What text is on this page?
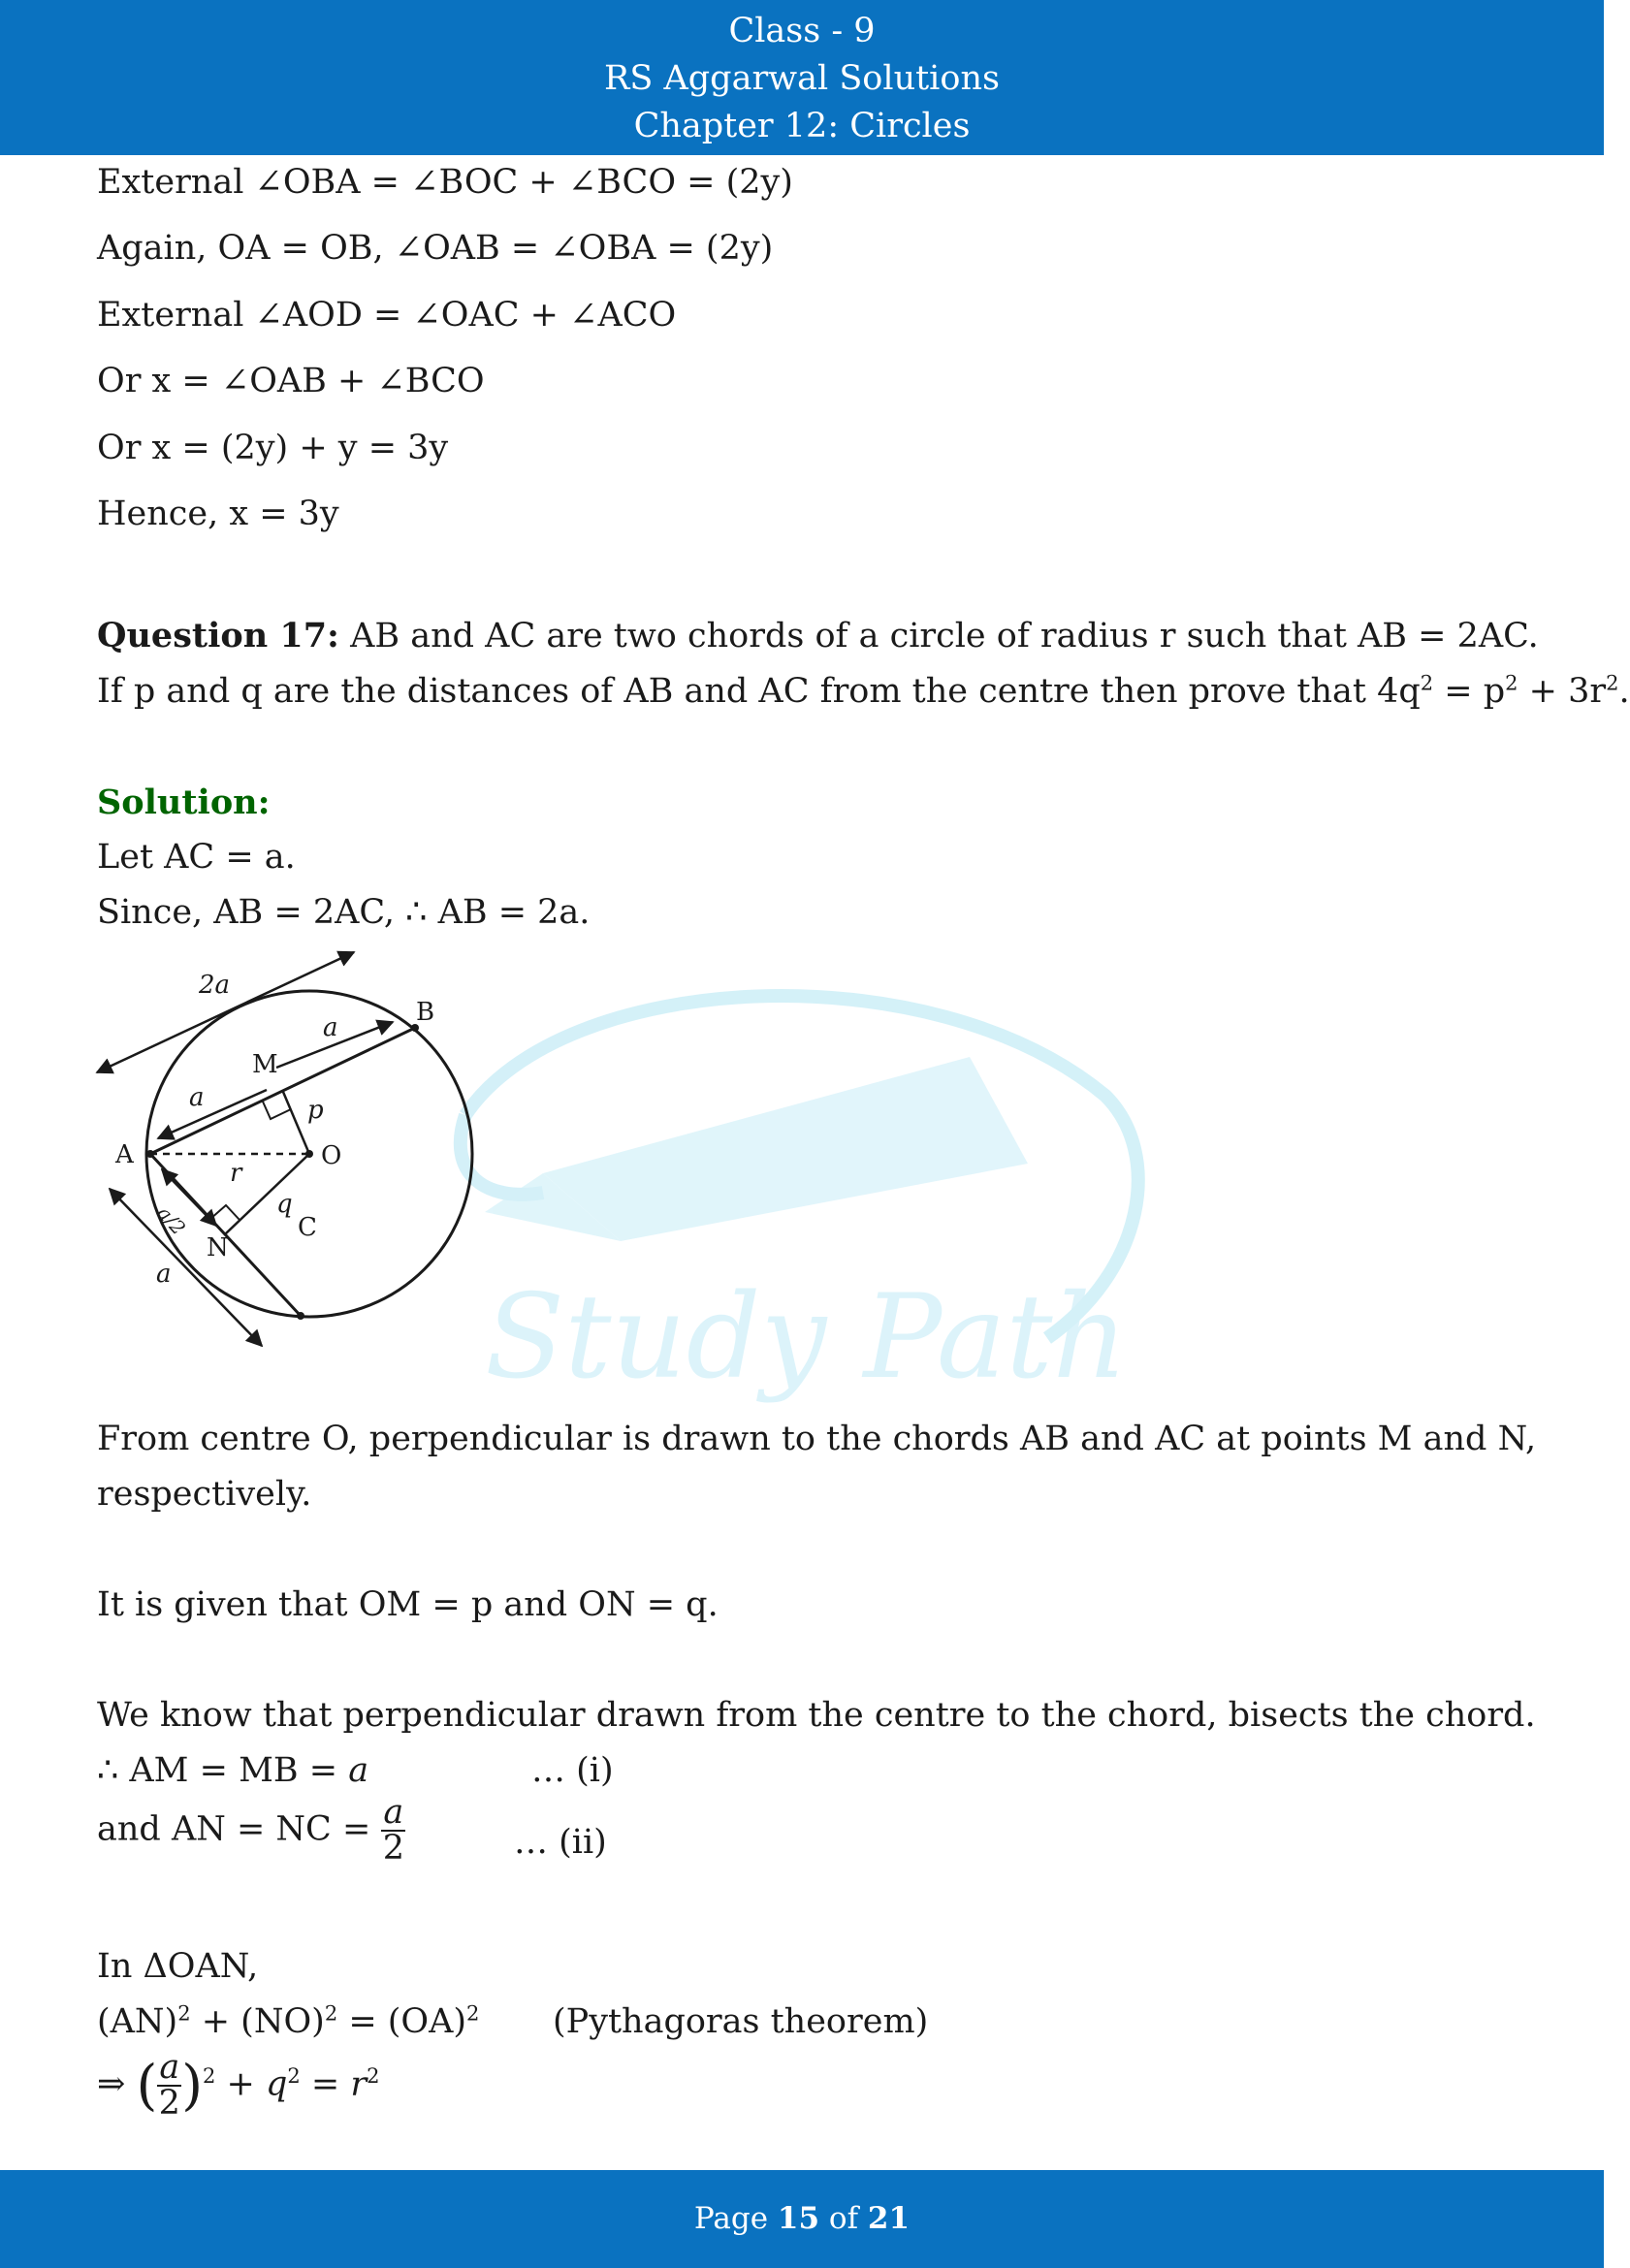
Class - 9
RS Aggarwal Solutions
Chapter 12: Circles
Study Path
External ∠OBA = ∠BOC + ∠BCO = (2y)
Again, OA = OB, ∠OAB = ∠OBA = (2y)
External ∠AOD = ∠OAC + ∠ACO
Or x = ∠OAB + ∠BCO
Or x = (2y) + y = 3y
Hence, x = 3y
Question 17: AB and AC are two chords of a circle of radius r such that AB = 2AC.
If p and q are the distances of AB and AC from the centre then prove that $4q^2 = p^2 + 3r^2$.
Solution:
Let AC = a.
Since, AB = 2AC, ∴ AB = 2a.
From centre O, perpendicular is drawn to the chords AB and AC at points M and N,
respectively.
It is given that OM = p and ON = q.
We know that perpendicular drawn from the centre to the chord, bisects the chord.
∴ AM = MB = a	… (i)
and AN = NC = $\frac{a}{2}$	… (ii)
In ΔOAN,
(AN)$^2$ + (NO)$^2$ = (OA)$^2$ (Pythagoras theorem)
⇒ ( $\frac{a}{2} )^2 + q^2 = r^2$
2a
a
B
M
a	p
A	O
r
a/2	q
C
N
a
Page 15 of 21
